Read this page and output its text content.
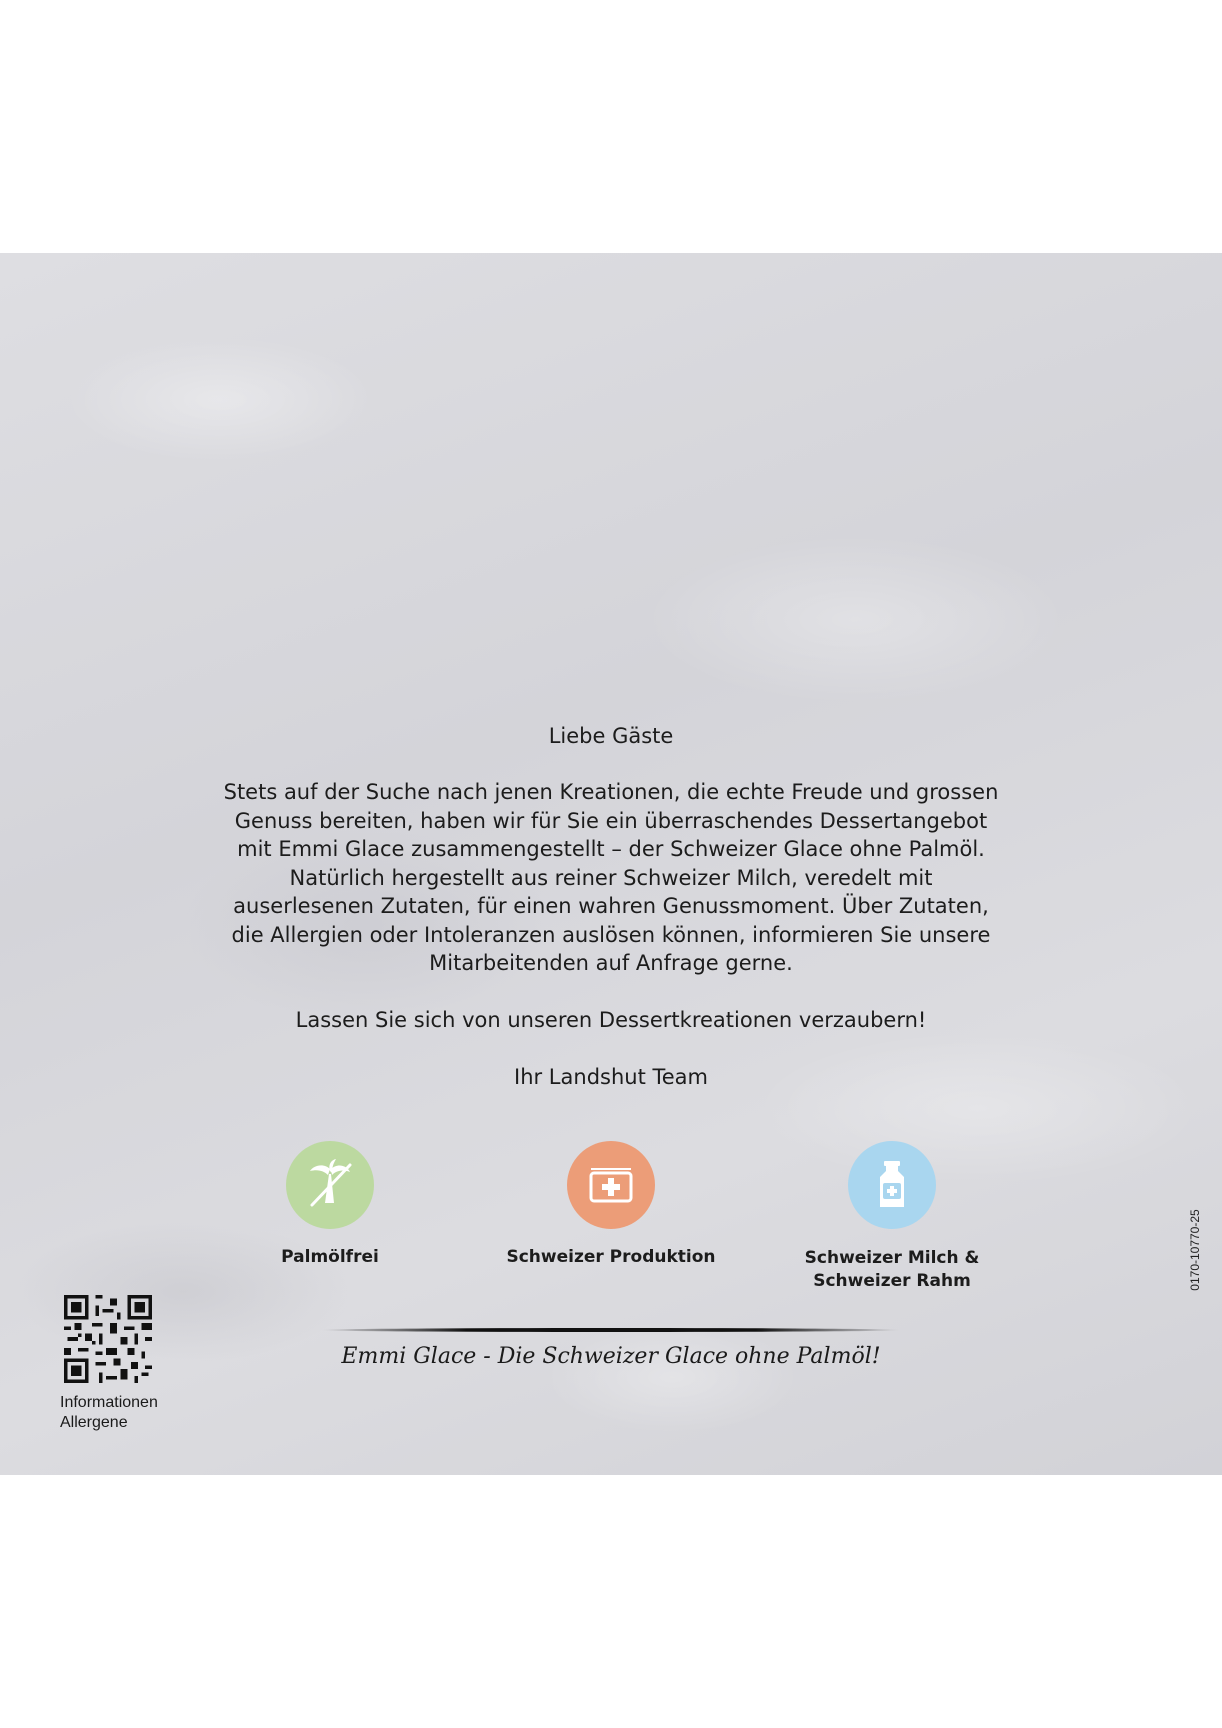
Liebe Gäste
Stets auf der Suche nach jenen Kreationen, die echte Freude und grossen
Genuss bereiten, haben wir für Sie ein überraschendes Dessertangebot
mit Emmi Glace zusammengestellt – der Schweizer Glace ohne Palmöl.
Natürlich hergestellt aus reiner Schweizer Milch, veredelt mit
auserlesenen Zutaten, für einen wahren Genussmoment. Über Zutaten,
die Allergien oder Intoleranzen auslösen können, informieren Sie unsere
Mitarbeitenden auf Anfrage gerne.
Lassen Sie sich von unseren Dessertkreationen verzaubern!
Ihr Landshut Team
Palmölfrei	Schweizer Produktion	Schweizer Milch &
Schweizer Rahm
Emmi Glace - Die Schweizer Glace ohne Palmöl!
Informationen
Allergene
0170-10770-25
